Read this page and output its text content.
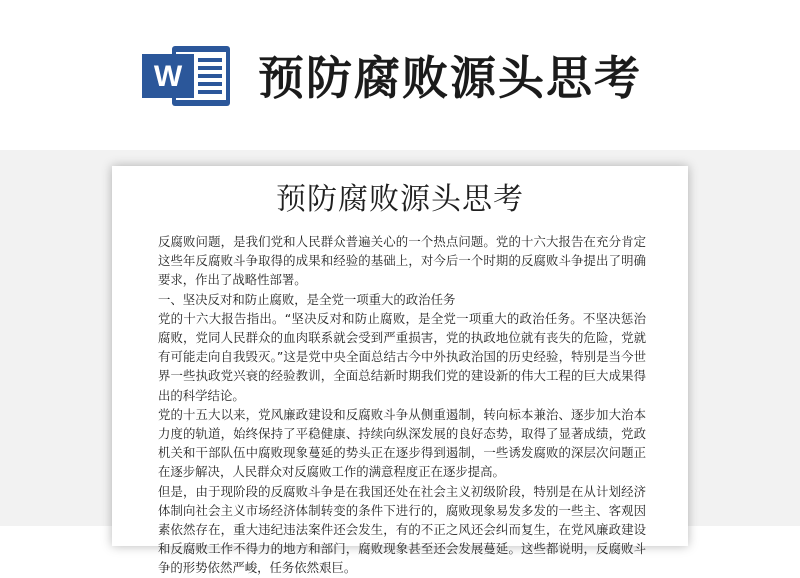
W 预防腐败源头思考
预防腐败源头思考

反腐败问题，是我们党和人民群众普遍关心的一个热点问题。党的十六大报告在充分肯定这些年反腐败斗争取得的成果和经验的基础上，对今后一个时期的反腐败斗争提出了明确要求，作出了战略性部署。

一、坚决反对和防止腐败，是全党一项重大的政治任务

党的十六大报告指出。“坚决反对和防止腐败，是全党一项重大的政治任务。不坚决惩治腐败，党同人民群众的血肉联系就会受到严重损害，党的执政地位就有丧失的危险，党就有可能走向自我毁灭。”这是党中央全面总结古今中外执政治国的历史经验，特别是当今世界一些执政党兴衰的经验教训，全面总结新时期我们党的建设新的伟大工程的巨大成果得出的科学结论。

党的十五大以来，党风廉政建设和反腐败斗争从侧重遏制，转向标本兼治、逐步加大治本力度的轨道，始终保持了平稳健康、持续向纵深发展的良好态势，取得了显著成绩，党政机关和干部队伍中腐败现象蔓延的势头正在逐步得到遏制，一些诱发腐败的深层次问题正在逐步解决，人民群众对反腐败工作的满意程度正在逐步提高。

但是，由于现阶段的反腐败斗争是在我国还处在社会主义初级阶段，特别是在从计划经济体制向社会主义市场经济体制转变的条件下进行的，腐败现象易发多发的一些主、客观因素依然存在，重大违纪违法案件还会发生，有的不正之风还会纠而复生，在党风廉政建设和反腐败工作不得力的地方和部门，腐败现象甚至还会发展蔓延。这些都说明，反腐败斗争的形势依然严峻，任务依然艰巨。
